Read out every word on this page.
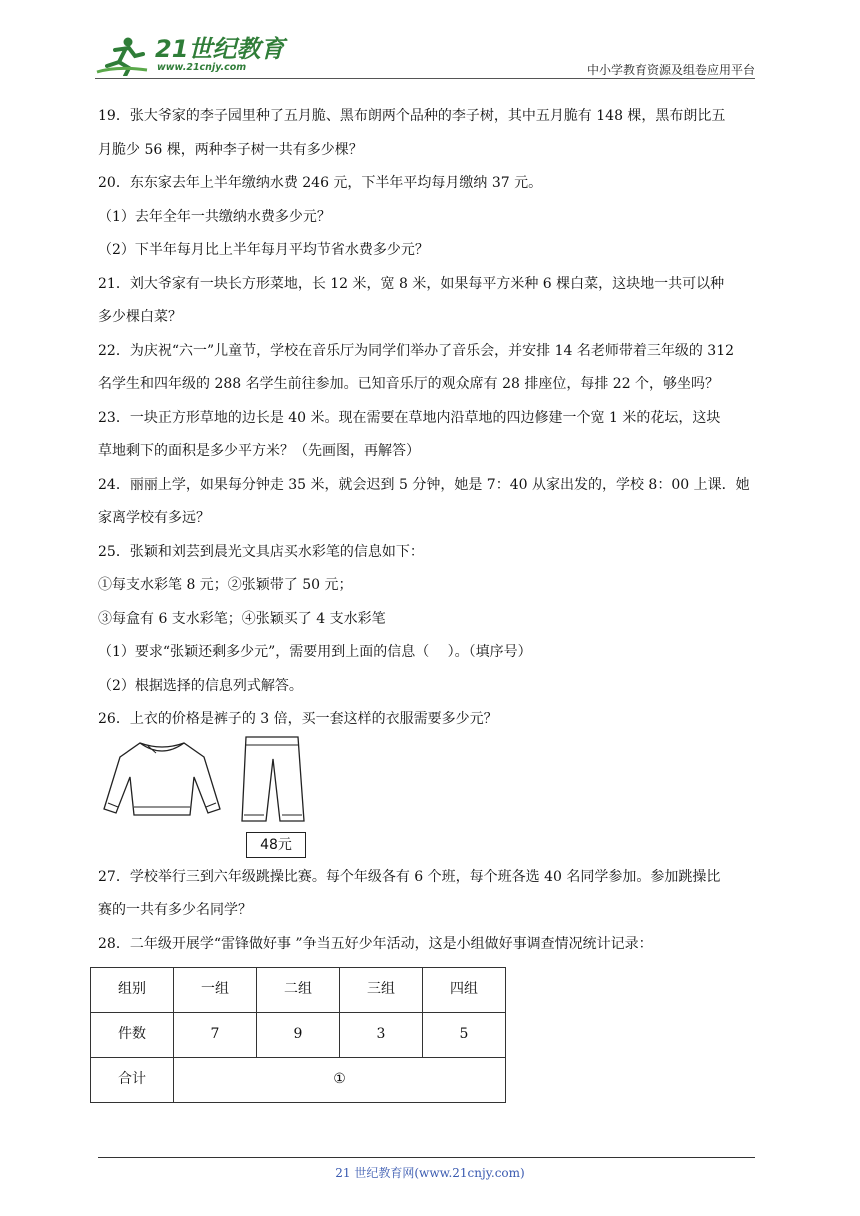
21世纪教育
www.21cnjy.com	中小学教育资源及组卷应用平台

19．张大爷家的李子园里种了五月脆、黑布朗两个品种的李子树，其中五月脆有 148 棵，黑布朗比五

月脆少 56 棵，两种李子树一共有多少棵？

20．东东家去年上半年缴纳水费 246 元，下半年平均每月缴纳 37 元。

（1）去年全年一共缴纳水费多少元？

（2）下半年每月比上半年每月平均节省水费多少元？

21．刘大爷家有一块长方形菜地，长 12 米，宽 8 米，如果每平方米种 6 棵白菜，这块地一共可以种

多少棵白菜？

22．为庆祝“六一”儿童节，学校在音乐厅为同学们举办了音乐会，并安排 14 名老师带着三年级的 312

名学生和四年级的 288 名学生前往参加。已知音乐厅的观众席有 28 排座位，每排 22 个，够坐吗？

23．一块正方形草地的边长是 40 米。现在需要在草地内沿草地的四边修建一个宽 1 米的花坛，这块

草地剩下的面积是多少平方米？（先画图，再解答）

24．丽丽上学，如果每分钟走 35 米，就会迟到 5 分钟，她是 7：40 从家出发的，学校 8：00 上课．她

家离学校有多远？

25．张颖和刘芸到晨光文具店买水彩笔的信息如下：

①每支水彩笔 8 元；②张颖带了 50 元；

③每盒有 6 支水彩笔；④张颖买了 4 支水彩笔

（1）要求“张颖还剩多少元”，需要用到上面的信息（　 ）。（填序号）

（2）根据选择的信息列式解答。

26．上衣的价格是裤子的 3 倍，买一套这样的衣服需要多少元？

48元

27．学校举行三到六年级跳操比赛。每个年级各有 6 个班，每个班各选 40 名同学参加。参加跳操比

赛的一共有多少名同学？

28．二年级开展学“雷锋做好事 ”争当五好少年活动，这是小组做好事调查情况统计记录：

组别	一组	二组	三组	四组
件数	7	9	3	5
合计	①			
21 世纪教育网(www.21cnjy.com)
